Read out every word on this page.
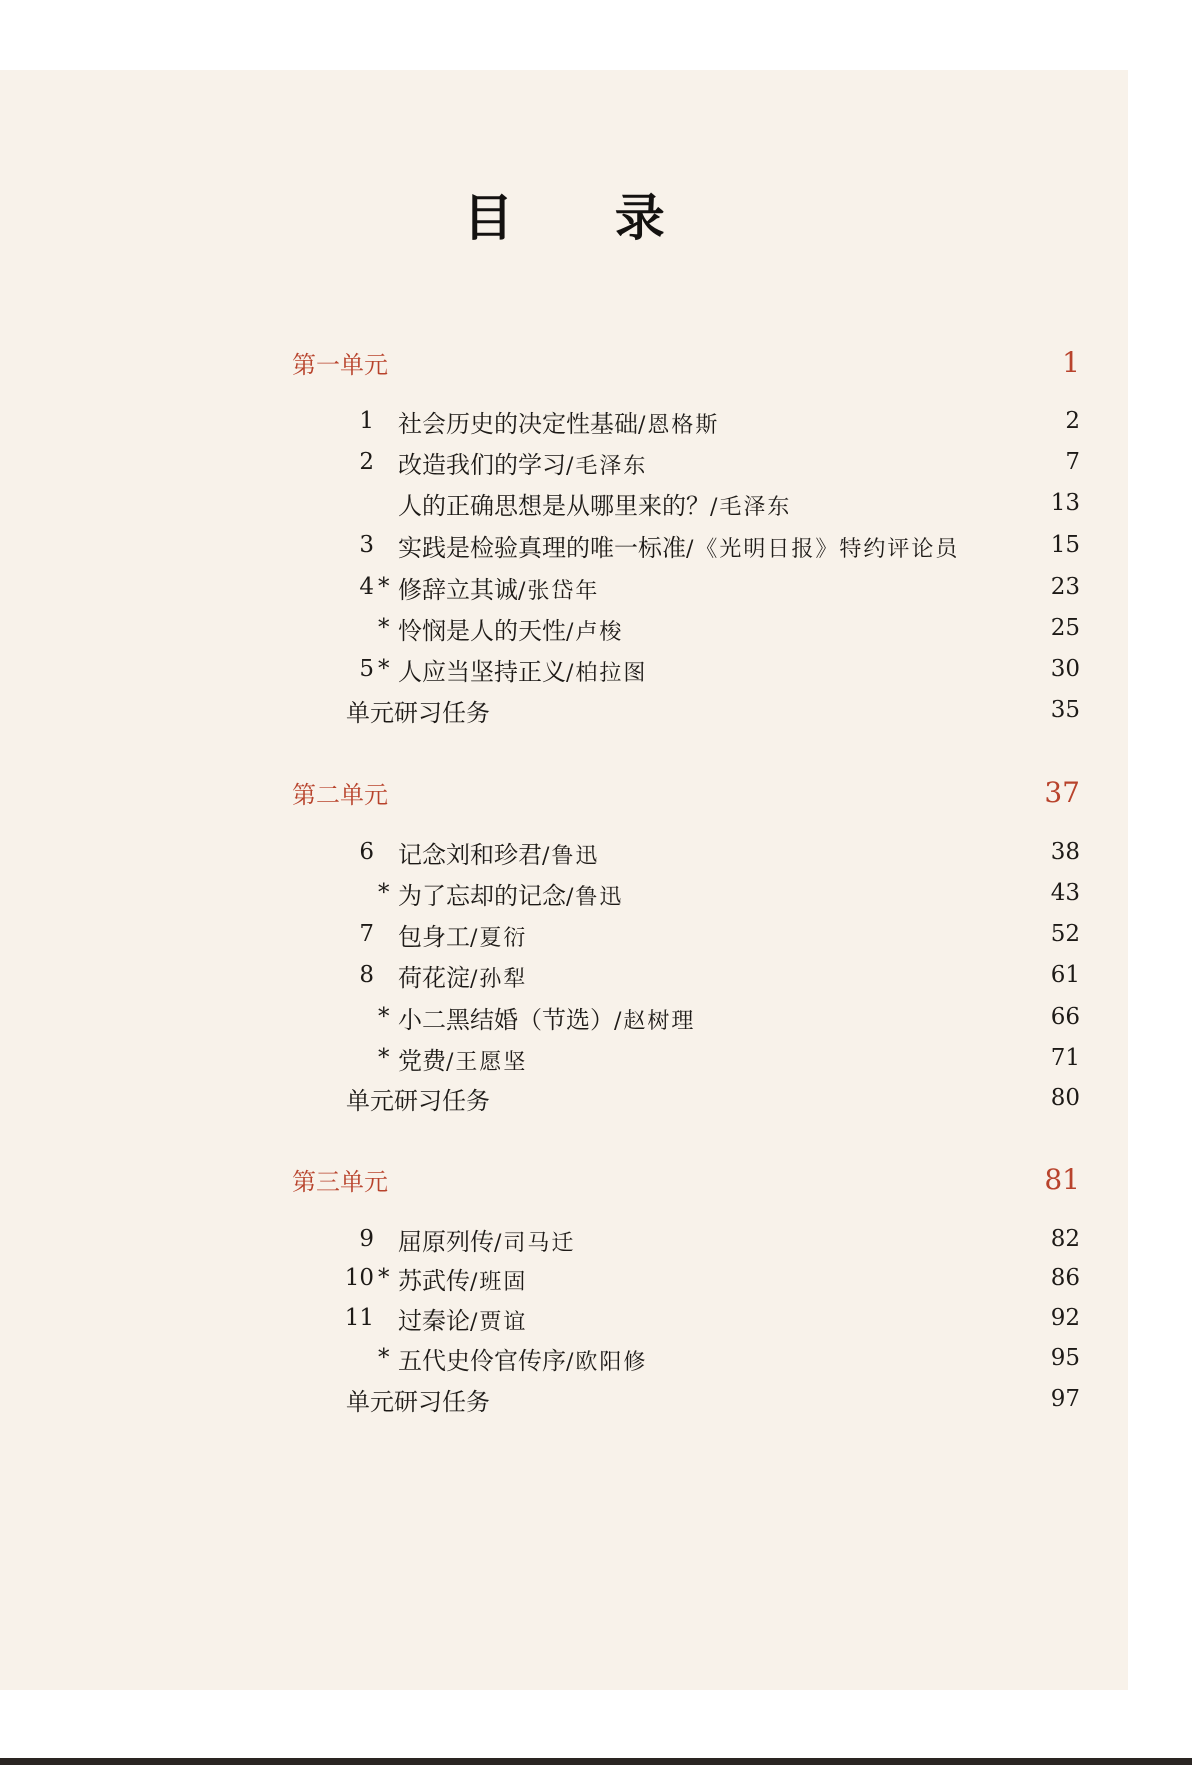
目 录
第一单元	1
1 社会历史的决定性基础/恩格斯	2
2 改造我们的学习/毛泽东	7
人的正确思想是从哪里来的？/毛泽东	13
3 实践是检验真理的唯一标准/《光明日报》特约评论员	15
4 * 修辞立其诚/张岱年	23
* 怜悯是人的天性/卢梭	25
5 * 人应当坚持正义/柏拉图	30
单元研习任务	35
第二单元	37
6 记念刘和珍君/鲁迅	38
* 为了忘却的记念/鲁迅	43
7 包身工/夏衍	52
8 荷花淀/孙犁	61
* 小二黑结婚（节选）/赵树理	66
* 党费/王愿坚	71
单元研习任务	80
第三单元	81
9 屈原列传/司马迁	82
10 * 苏武传/班固	86
11 过秦论/贾谊	92
* 五代史伶官传序/欧阳修	95
单元研习任务	97
